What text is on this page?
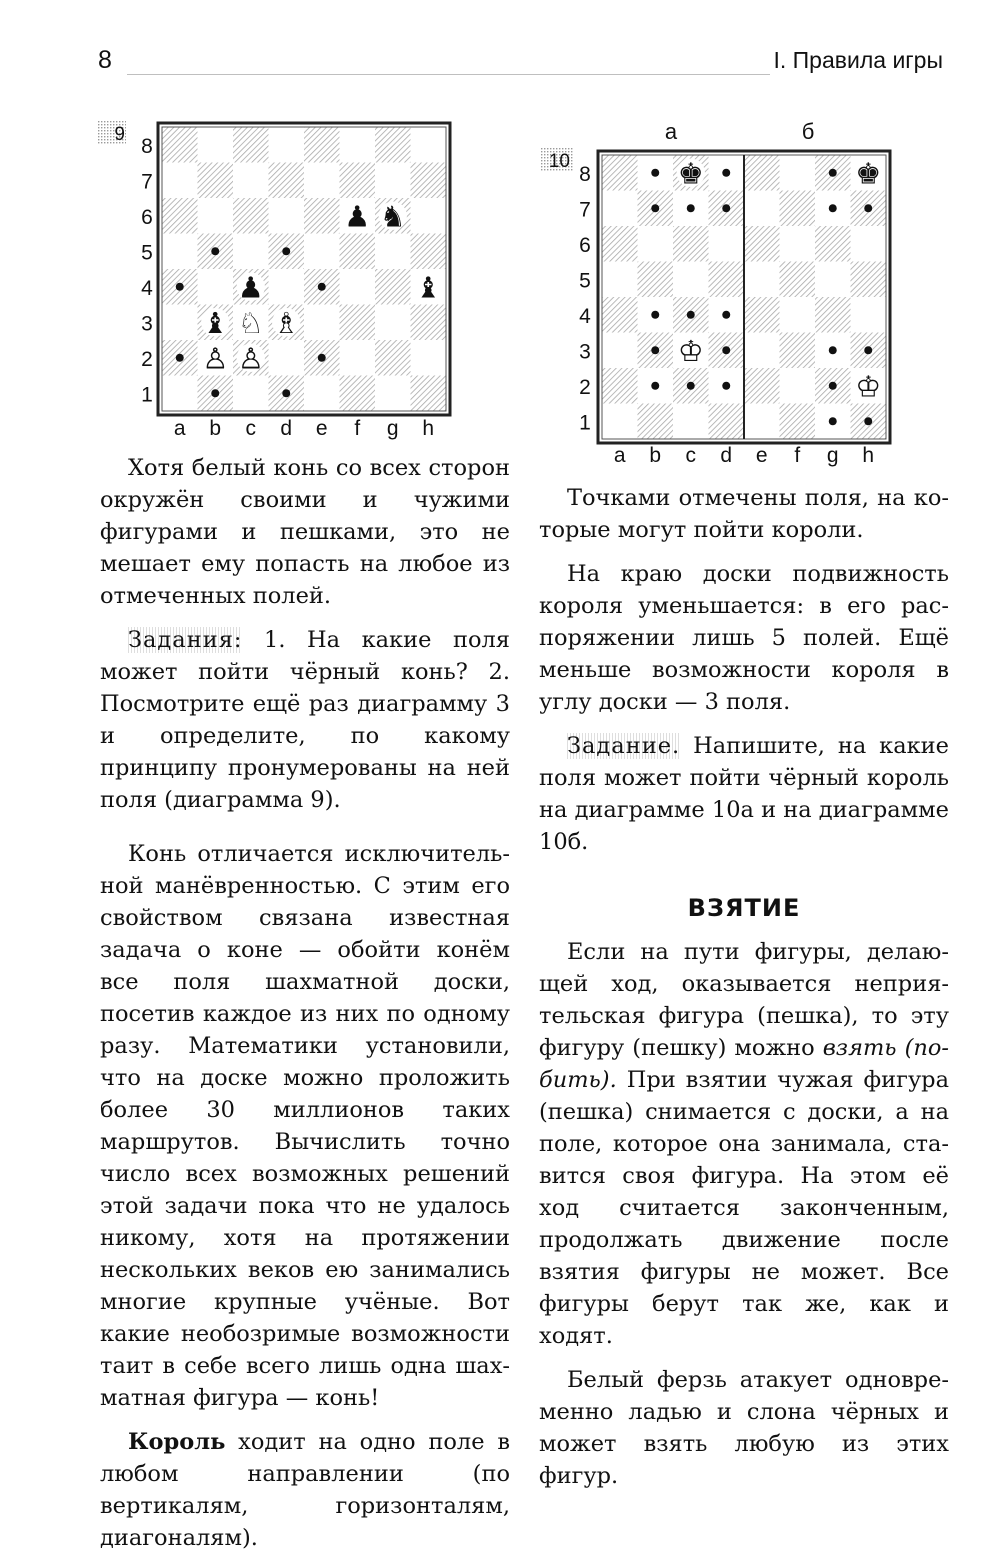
8	I. Правила игры
9
a b c d e f g h
8
7
6
5
4
3
2
1
♟ ♞
♟	♝
♝ ♘ ♗
♙ ♙
10
а	б
a b c d e f g h
8
7
6
5
4
3
2
1
♚	♚
♔
♔

Хотя белый конь со всех сторон окружён своими и чужими фигурами и пешками, это не мешает ему попасть на любое из отмеченных полей.

Задания: 1. На какие поля может пойти чёрный конь? 2. Посмотрите ещё раз диаграмму 3 и определите, по какому принципу пронумерованы на ней поля (диаграмма 9).

Конь отличается исключительной манёвренностью. С этим его свойством связана известная задача о коне — обойти конём все поля шахматной доски, посетив каждое из них по одному разу. Математики установили, что на доске можно проложить более 30 миллионов таких маршрутов. Вычислить точно число всех возможных решений этой задачи пока что не удалось никому, хотя на протяжении нескольких веков ею занимались многие крупные учёные. Вот какие необозримые возможности таит в себе всего лишь одна шахматная фигура — конь!

Король ходит на одно поле в любом направлении (по вертикалям, горизонталям, диагоналям).

Точками отмечены поля, на которые могут пойти короли.

На краю доски подвижность короля уменьшается: в его распоряжении лишь 5 полей. Ещё меньше возможности короля в углу доски — 3 поля.

Задание. Напишите, на какие поля может пойти чёрный король на диаграмме 10а и на диаграмме 10б.

ВЗЯТИЕ

Если на пути фигуры, делающей ход, оказывается неприятельская фигура (пешка), то эту фигуру (пешку) можно взять (побить). При взятии чужая фигура (пешка) снимается с доски, а на поле, которое она занимала, ставится своя фигура. На этом её ход считается законченным, продолжать движение после взятия фигуры не может. Все фигуры берут так же, как и ходят.

Белый ферзь атакует одновременно ладью и слона чёрных и может взять любую из этих фигур.
